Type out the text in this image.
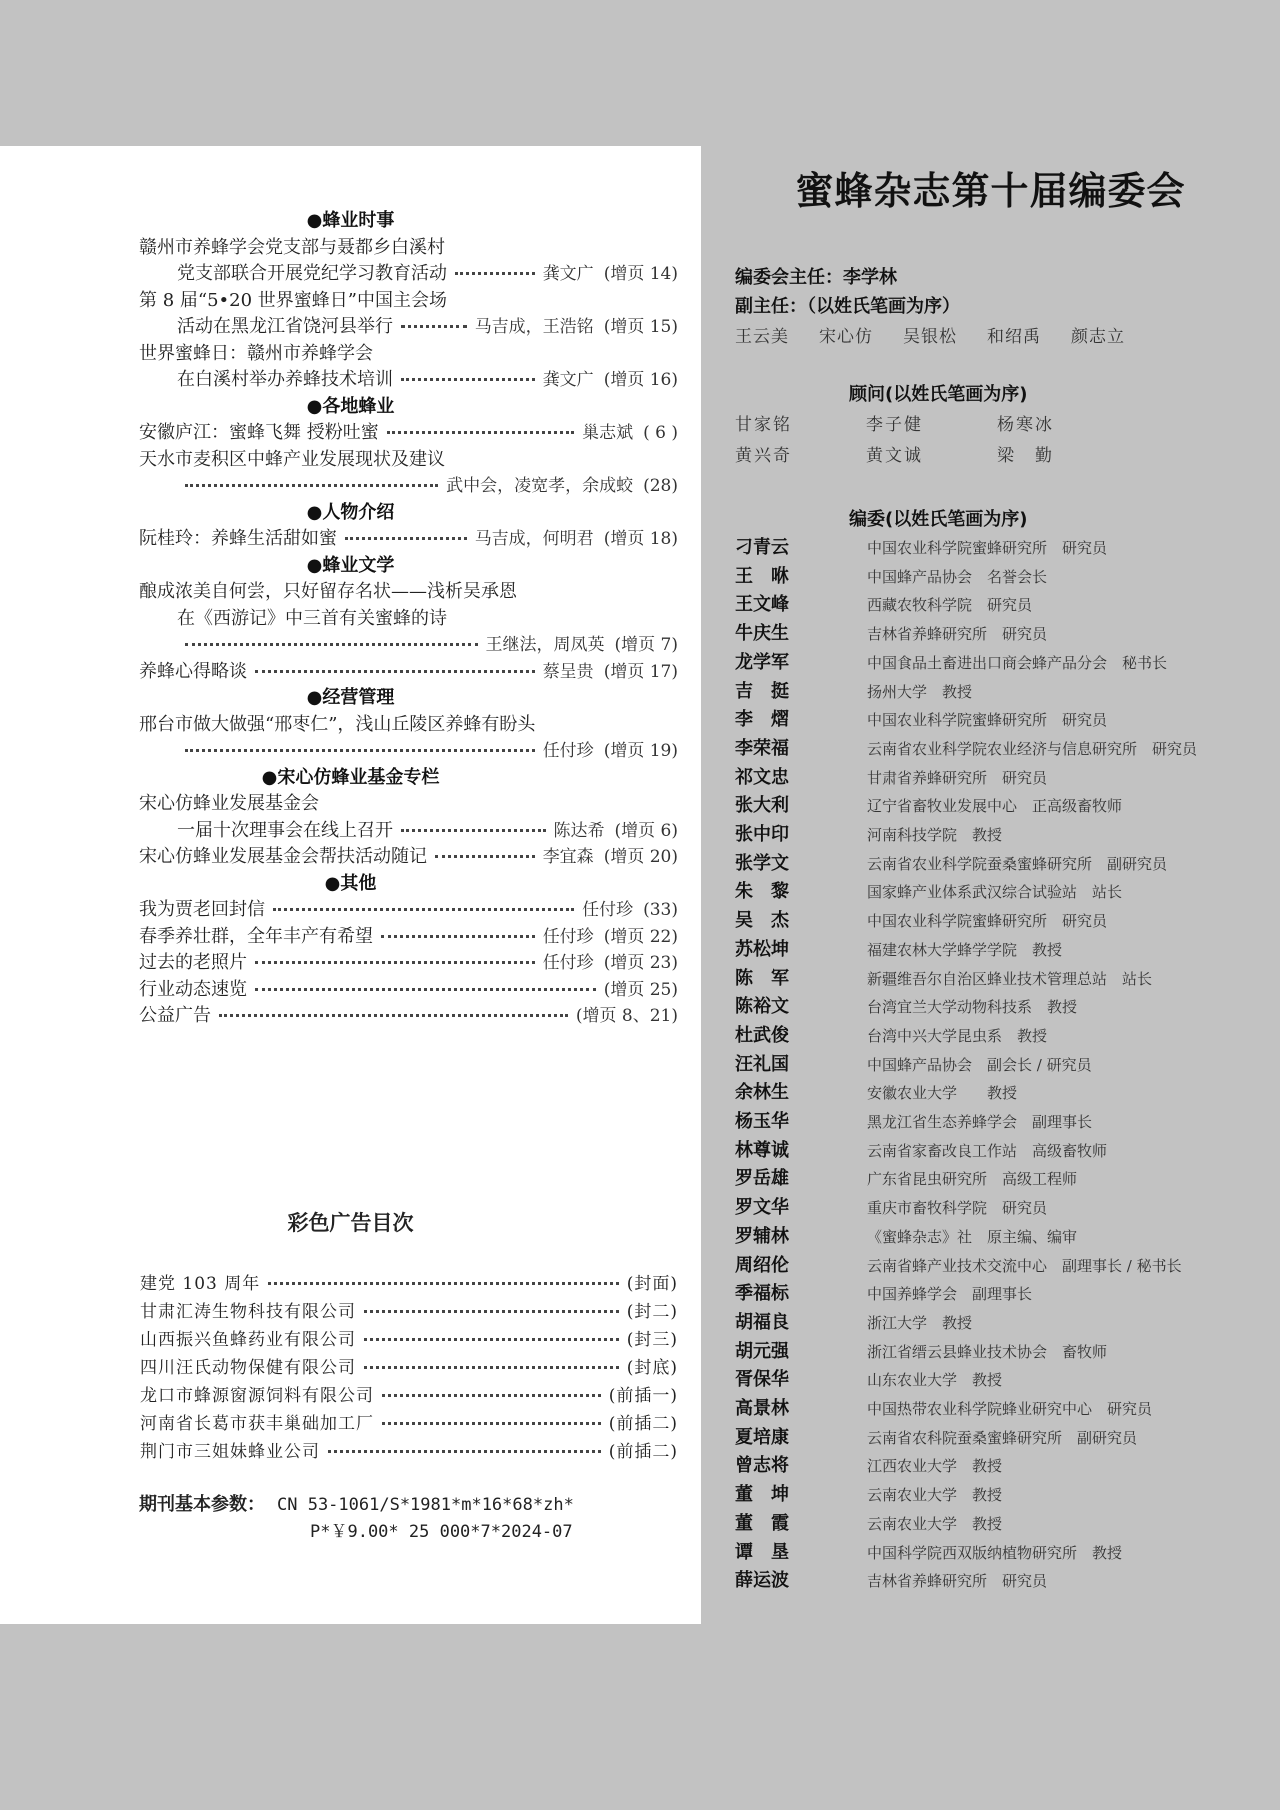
●蜂业时事
赣州市养蜂学会党支部与聂都乡白溪村
党支部联合开展党纪学习教育活动	龚文广 (增页 14)
第 8 届“5•20 世界蜜蜂日”中国主会场
活动在黑龙江省饶河县举行	马吉成，王浩铭 (增页 15)
世界蜜蜂日：赣州市养蜂学会
在白溪村举办养蜂技术培训	龚文广 (增页 16)
●各地蜂业
安徽庐江：蜜蜂飞舞 授粉吐蜜	巢志斌 ( 6 )
天水市麦积区中蜂产业发展现状及建议
武中会，凌宽孝，余成蛟 (28)
●人物介绍
阮桂玲：养蜂生活甜如蜜	马吉成，何明君 (增页 18)
●蜂业文学
酿成浓美自何尝，只好留存名状——浅析吴承恩
在《西游记》中三首有关蜜蜂的诗
王继法，周凤英 (增页 7)
养蜂心得略谈	蔡呈贵 (增页 17)
●经营管理
邢台市做大做强“邢枣仁”，浅山丘陵区养蜂有盼头
任付珍 (增页 19)
●宋心仿蜂业基金专栏
宋心仿蜂业发展基金会
一届十次理事会在线上召开	陈达希 (增页 6)
宋心仿蜂业发展基金会帮扶活动随记	李宜森 (增页 20)
●其他
我为贾老回封信	任付珍 (33)
春季养壮群，全年丰产有希望	任付珍 (增页 22)
过去的老照片	任付珍 (增页 23)
行业动态速览	(增页 25)
公益广告	(增页 8、21)
彩色广告目次
建党 103 周年	(封面)
甘肃汇涛生物科技有限公司	(封二)
山西振兴鱼蜂药业有限公司	(封三)
四川汪氏动物保健有限公司	(封底)
龙口市蜂源窗源饲料有限公司	(前插一)
河南省长葛市获丰巢础加工厂	(前插二)
荆门市三姐妹蜂业公司	(前插二)
期刊基本参数： CN 53-1061/S*1981*m*16*68*zh*
P*￥9.00* 25 000*7*2024-07
蜜蜂杂志第十届编委会
编委会主任：李学林
副主任：（以姓氏笔画为序）
王云美 宋心仿 吴银松 和绍禹 颜志立
顾问(以姓氏笔画为序)
甘家铭	李子健	杨寒冰
黄兴奇	黄文诚	梁　勤
编委(以姓氏笔画为序)
刁青云	中国农业科学院蜜蜂研究所　研究员
王　咻	中国蜂产品协会　名誉会长
王文峰	西藏农牧科学院　研究员
牛庆生	吉林省养蜂研究所　研究员
龙学军	中国食品土畜进出口商会蜂产品分会　秘书长
吉　挺	扬州大学　教授
李　熠	中国农业科学院蜜蜂研究所　研究员
李荣福	云南省农业科学院农业经济与信息研究所　研究员
祁文忠	甘肃省养蜂研究所　研究员
张大利	辽宁省畜牧业发展中心　正高级畜牧师
张中印	河南科技学院　教授
张学文	云南省农业科学院蚕桑蜜蜂研究所　副研究员
朱　黎	国家蜂产业体系武汉综合试验站　站长
吴　杰	中国农业科学院蜜蜂研究所　研究员
苏松坤	福建农林大学蜂学学院　教授
陈　军	新疆维吾尔自治区蜂业技术管理总站　站长
陈裕文	台湾宜兰大学动物科技系　教授
杜武俊	台湾中兴大学昆虫系　教授
汪礼国	中国蜂产品协会　副会长 / 研究员
余林生	安徽农业大学　　教授
杨玉华	黑龙江省生态养蜂学会　副理事长
林尊诚	云南省家畜改良工作站　高级畜牧师
罗岳雄	广东省昆虫研究所　高级工程师
罗文华	重庆市畜牧科学院　研究员
罗辅林	《蜜蜂杂志》社　原主编、编审
周绍伦	云南省蜂产业技术交流中心　副理事长 / 秘书长
季福标	中国养蜂学会　副理事长
胡福良	浙江大学　教授
胡元强	浙江省缙云县蜂业技术协会　畜牧师
胥保华	山东农业大学　教授
高景林	中国热带农业科学院蜂业研究中心　研究员
夏培康	云南省农科院蚕桑蜜蜂研究所　副研究员
曾志将	江西农业大学　教授
董　坤	云南农业大学　教授
董　霞	云南农业大学　教授
谭　垦	中国科学院西双版纳植物研究所　教授
薛运波	吉林省养蜂研究所　研究员
